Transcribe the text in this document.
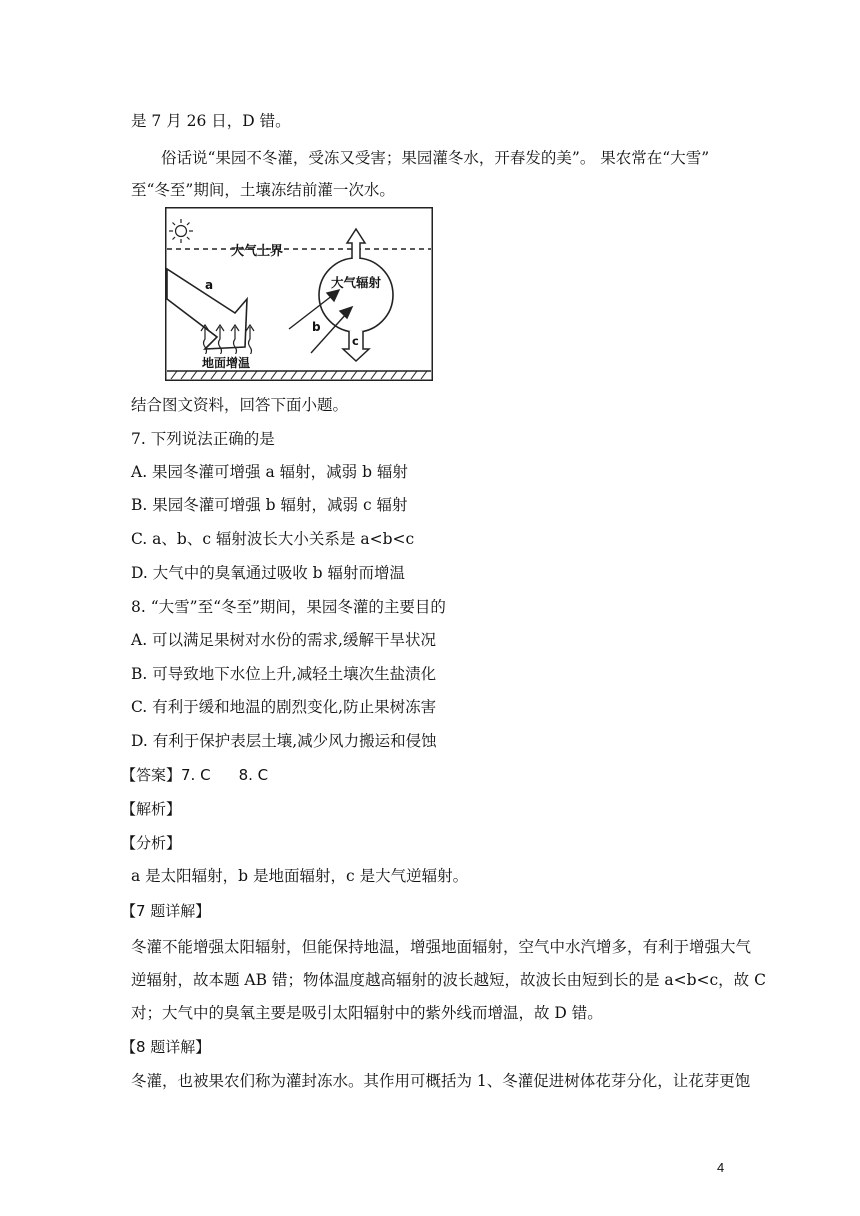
是 7 月 26 日，D 错。
俗话说“果园不冬灌，受冻又受害；果园灌冬水，开春发的美”。 果农常在“大雪”
至“冬至”期间，土壤冻结前灌一次水。
大气上界
a
地面增温
大气辐射
c
b
结合图文资料，回答下面小题。
7. 下列说法正确的是
A. 果园冬灌可增强 a 辐射，减弱 b 辐射
B. 果园冬灌可增强 b 辐射，减弱 c 辐射
C. a、b、c 辐射波长大小关系是 a<b<c
D. 大气中的臭氧通过吸收 b 辐射而增温
8. “大雪”至“冬至”期间，果园冬灌的主要目的
A. 可以满足果树对水份的需求,缓解干旱状况
B. 可导致地下水位上升,减轻土壤次生盐渍化
C. 有利于缓和地温的剧烈变化,防止果树冻害
D. 有利于保护表层土壤,减少风力搬运和侵蚀
【答案】7. C 8. C
【解析】
【分析】
a 是太阳辐射，b 是地面辐射，c 是大气逆辐射。
【7 题详解】
冬灌不能增强太阳辐射，但能保持地温，增强地面辐射，空气中水汽增多，有利于增强大气
逆辐射，故本题 AB 错；物体温度越高辐射的波长越短，故波长由短到长的是 a<b<c，故 C
对；大气中的臭氧主要是吸引太阳辐射中的紫外线而增温，故 D 错。
【8 题详解】
冬灌，也被果农们称为灌封冻水。其作用可概括为 1、冬灌促进树体花芽分化，让花芽更饱
4
